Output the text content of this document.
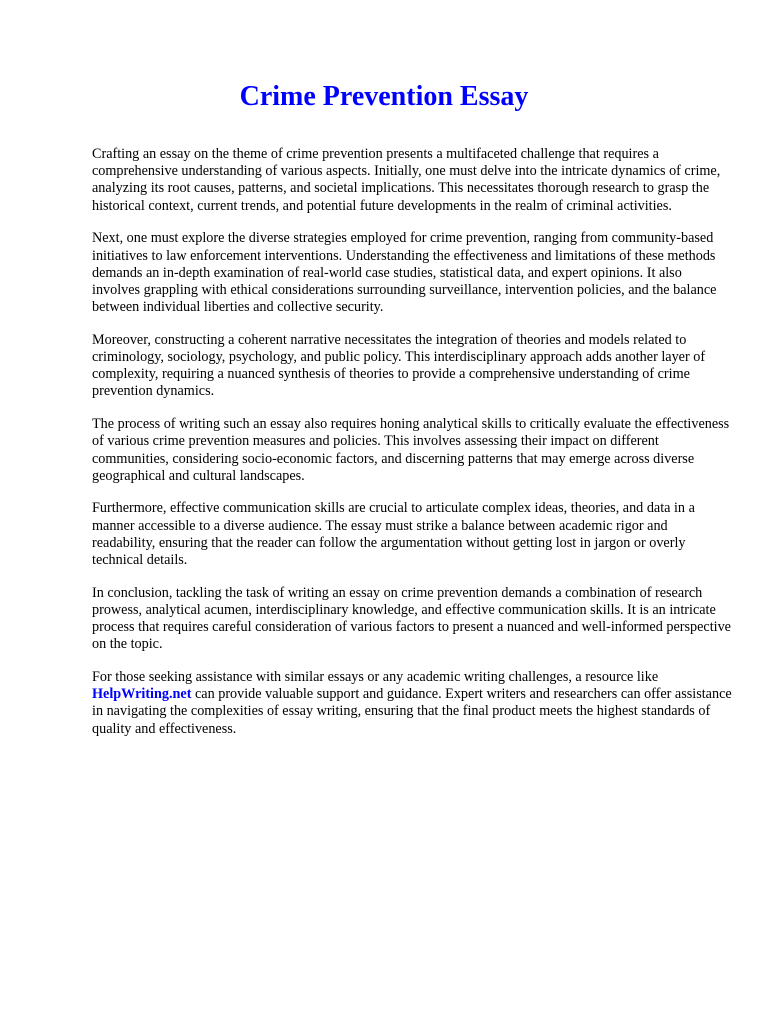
Crime Prevention Essay

Crafting an essay on the theme of crime prevention presents a multifaceted challenge that requires a comprehensive understanding of various aspects. Initially, one must delve into the intricate dynamics of crime, analyzing its root causes, patterns, and societal implications. This necessitates thorough research to grasp the historical context, current trends, and potential future developments in the realm of criminal activities.

Next, one must explore the diverse strategies employed for crime prevention, ranging from community-based initiatives to law enforcement interventions. Understanding the effectiveness and limitations of these methods demands an in-depth examination of real-world case studies, statistical data, and expert opinions. It also involves grappling with ethical considerations surrounding surveillance, intervention policies, and the balance between individual liberties and collective security.

Moreover, constructing a coherent narrative necessitates the integration of theories and models related to criminology, sociology, psychology, and public policy. This interdisciplinary approach adds another layer of complexity, requiring a nuanced synthesis of theories to provide a comprehensive understanding of crime prevention dynamics.

The process of writing such an essay also requires honing analytical skills to critically evaluate the effectiveness of various crime prevention measures and policies. This involves assessing their impact on different communities, considering socio-economic factors, and discerning patterns that may emerge across diverse geographical and cultural landscapes.

Furthermore, effective communication skills are crucial to articulate complex ideas, theories, and data in a manner accessible to a diverse audience. The essay must strike a balance between academic rigor and readability, ensuring that the reader can follow the argumentation without getting lost in jargon or overly technical details.

In conclusion, tackling the task of writing an essay on crime prevention demands a combination of research prowess, analytical acumen, interdisciplinary knowledge, and effective communication skills. It is an intricate process that requires careful consideration of various factors to present a nuanced and well-informed perspective on the topic.

For those seeking assistance with similar essays or any academic writing challenges, a resource like HelpWriting.net can provide valuable support and guidance. Expert writers and researchers can offer assistance in navigating the complexities of essay writing, ensuring that the final product meets the highest standards of quality and effectiveness.
